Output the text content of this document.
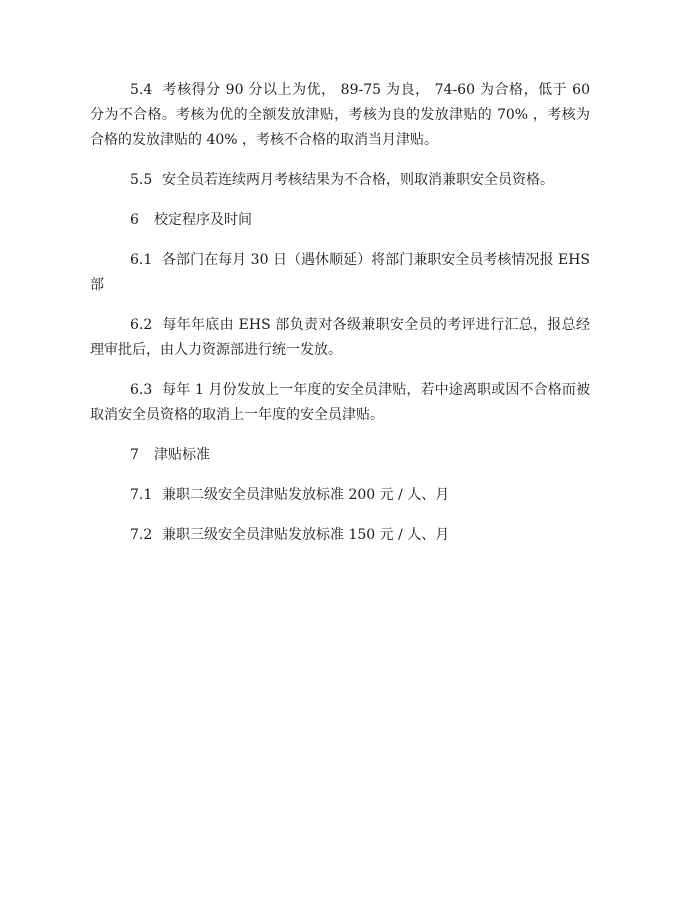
5.4 考核得分 90 分以上为优， 89-75 为良， 74-60 为合格，低于 60 分为不合格。考核为优的全额发放津贴，考核为良的发放津贴的 70% ，考核为合格的发放津贴的 40% ，考核不合格的取消当月津贴。

5.5 安全员若连续两月考核结果为不合格，则取消兼职安全员资格。

6 校定程序及时间

6.1 各部门在每月 30 日（遇休顺延）将部门兼职安全员考核情况报 EHS 部

6.2 每年年底由 EHS 部负责对各级兼职安全员的考评进行汇总，报总经理审批后，由人力资源部进行统一发放。

6.3 每年 1 月份发放上一年度的安全员津贴，若中途离职或因不合格而被取消安全员资格的取消上一年度的安全员津贴。

7 津贴标准

7.1 兼职二级安全员津贴发放标准 200 元 / 人、月

7.2 兼职三级安全员津贴发放标准 150 元 / 人、月
